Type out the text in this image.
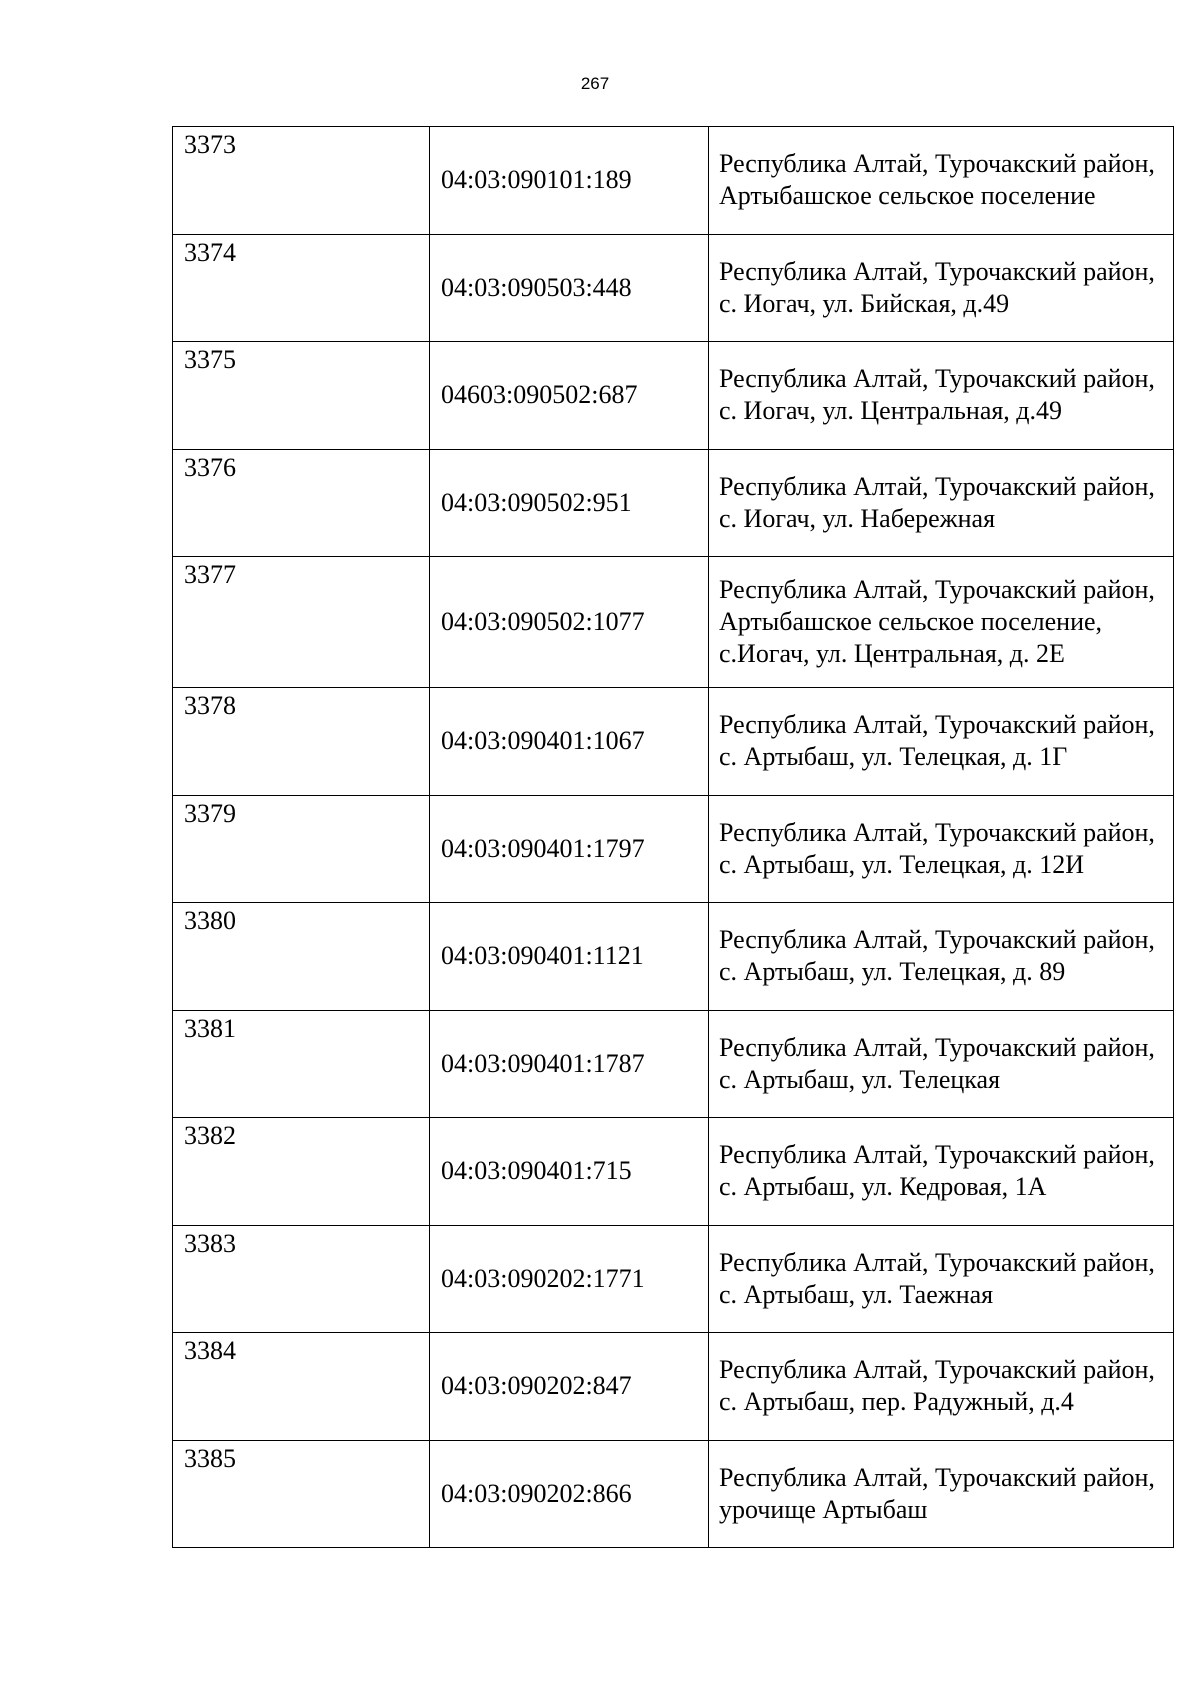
267
3373	04:03:090101:189	Республика Алтай, Турочакский район, Артыбашское сельское поселение
3374	04:03:090503:448	Республика Алтай, Турочакский район, с. Иогач, ул. Бийская, д.49
3375	04603:090502:687	Республика Алтай, Турочакский район, с. Иогач, ул. Центральная, д.49
3376	04:03:090502:951	Республика Алтай, Турочакский район, с. Иогач, ул. Набережная
3377	04:03:090502:1077	Республика Алтай, Турочакский район, Артыбашское сельское поселение, с.Иогач, ул. Центральная, д. 2Е
3378	04:03:090401:1067	Республика Алтай, Турочакский район, с. Артыбаш, ул. Телецкая, д. 1Г
3379	04:03:090401:1797	Республика Алтай, Турочакский район, с. Артыбаш, ул. Телецкая, д. 12И
3380	04:03:090401:1121	Республика Алтай, Турочакский район, с. Артыбаш, ул. Телецкая, д. 89
3381	04:03:090401:1787	Республика Алтай, Турочакский район, с. Артыбаш, ул. Телецкая
3382	04:03:090401:715	Республика Алтай, Турочакский район, с. Артыбаш, ул. Кедровая, 1А
3383	04:03:090202:1771	Республика Алтай, Турочакский район, с. Артыбаш, ул. Таежная
3384	04:03:090202:847	Республика Алтай, Турочакский район, с. Артыбаш, пер. Радужный, д.4
3385	04:03:090202:866	Республика Алтай, Турочакский район, урочище Артыбаш
